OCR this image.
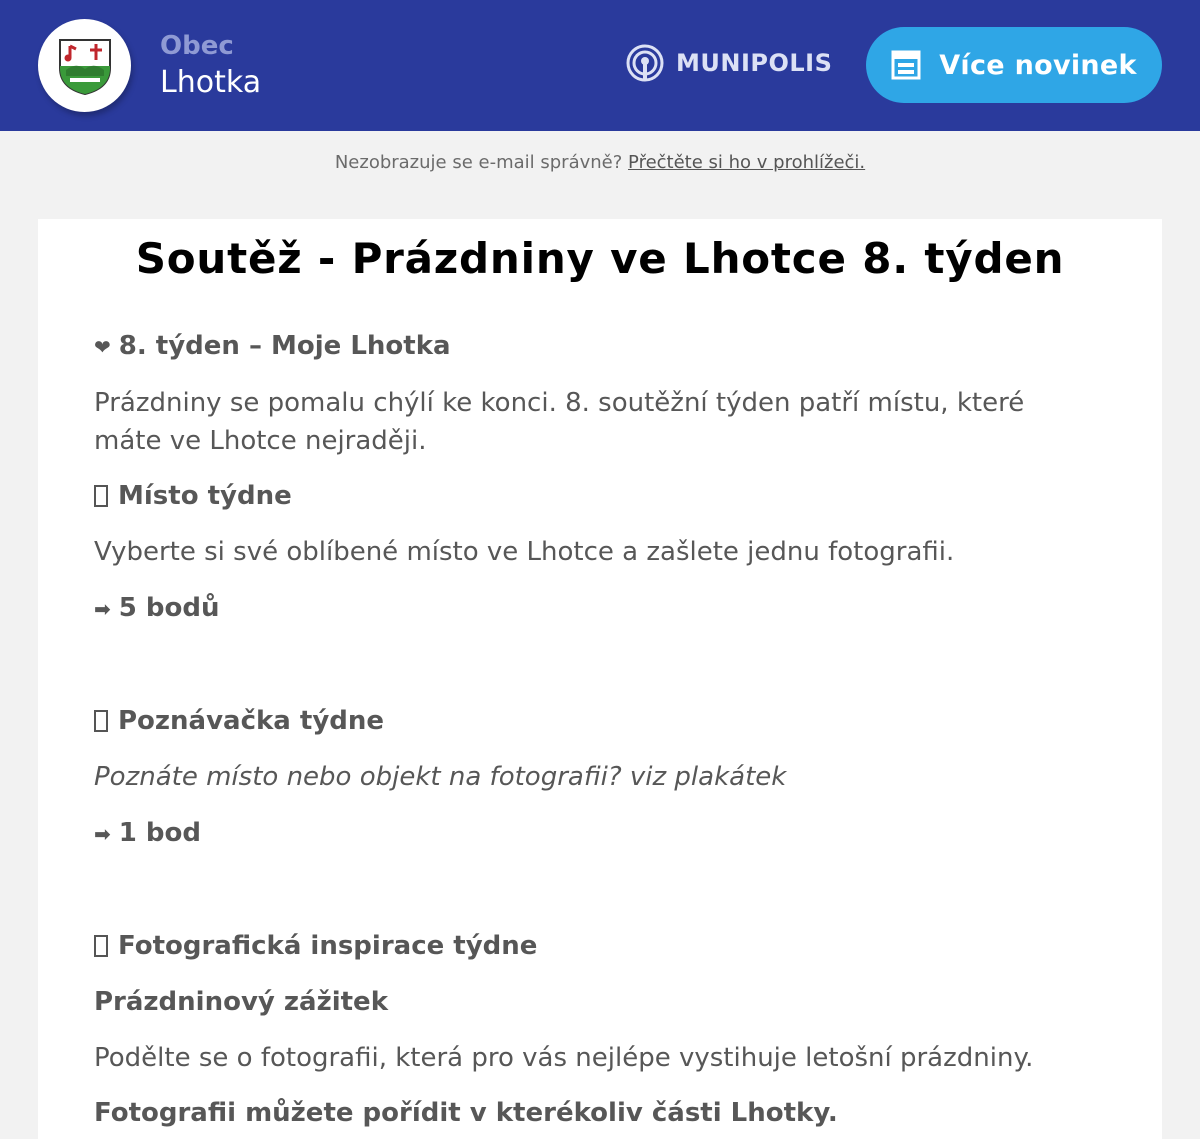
Obec
Lhotka
MUNIPOLIS	Více novinek
Nezobrazuje se e-mail správně? Přečtěte si ho v prohlížeči.
Soutěž - Prázdniny ve Lhotce 8. týden
❤ 8. týden – Moje Lhotka
Prázdniny se pomalu chýlí ke konci. 8. soutěžní týden patří místu, které
máte ve Lhotce nejraději.
Místo týdne
Vyberte si své oblíbené místo ve Lhotce a zašlete jednu fotografii.
➡ 5 bodů
Poznávačka týdne
Poznáte místo nebo objekt na fotografii? viz plakátek
➡ 1 bod
Fotografická inspirace týdne
Prázdninový zážitek
Podělte se o fotografii, která pro vás nejlépe vystihuje letošní prázdniny.
Fotografii můžete pořídit v kterékoliv části Lhotky.
